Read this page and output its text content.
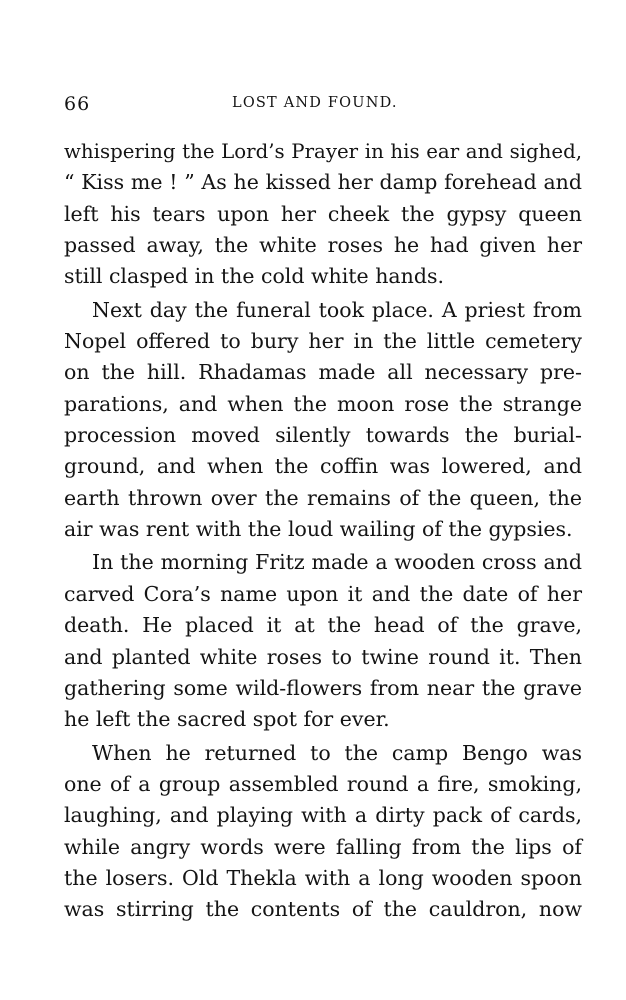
66	LOST AND FOUND.
whispering the Lord’s Prayer in his ear and sighed,
“ Kiss me ! ” As he kissed her damp forehead and
left his tears upon her cheek the gypsy queen
passed away, the white roses he had given her
still clasped in the cold white hands.
Next day the funeral took place. A priest from
Nopel offered to bury her in the little cemetery
on the hill. Rhadamas made all necessary pre-
parations, and when the moon rose the strange
procession moved silently towards the burial-
ground, and when the coffin was lowered, and
earth thrown over the remains of the queen, the
air was rent with the loud wailing of the gypsies.
In the morning Fritz made a wooden cross and
carved Cora’s name upon it and the date of her
death. He placed it at the head of the grave,
and planted white roses to twine round it. Then
gathering some wild-flowers from near the grave
he left the sacred spot for ever.
When he returned to the camp Bengo was
one of a group assembled round a fire, smoking,
laughing, and playing with a dirty pack of cards,
while angry words were falling from the lips of
the losers. Old Thekla with a long wooden spoon
was stirring the contents of the cauldron, now
